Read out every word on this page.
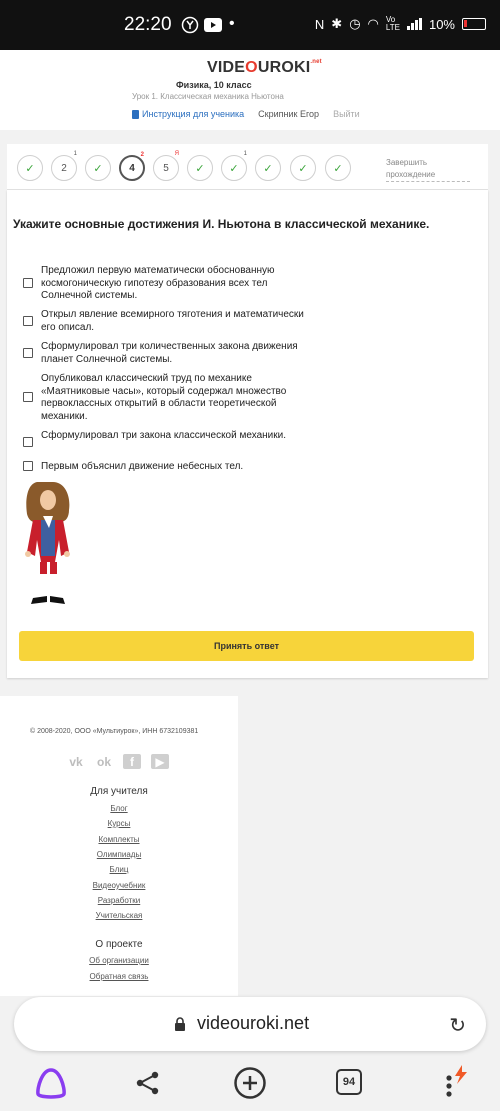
22:20	•	N ✱ ◷ ◠ Vo
LTE 10%
$VIDEOUROKI^{.net}$
Физика, 10 класс
Урок 1. Классическая механика Ньютона
Инструкция для ученика Скрипник Егор Выйти
✓	2
1
✓	4
2
5
Я
✓ ✓
1
✓ ✓ ✓	Завершить прохождение
Укажите основные достижения И. Ньютона в классической механике.
Предложил первую математически обоснованную космогоническую гипотезу образования всех тел Солнечной системы.
Открыл явление всемирного тяготения и математически его описал.
Сформулировал три количественных закона движения планет Солнечной системы.
Опубликовал классический труд по механике «Маятниковые часы», который содержал множество первоклассных открытий в области теоретической механики.
Сформулировал три закона классической механики.
Первым объяснил движение небесных тел.
Принять ответ
© 2008-2020, ООО «Мультиурок», ИНН 6732109381
vk ok	f	▶
Для учителя
Блог
Курсы
Комплекты
Олимпиады
Блиц
Видеоучебник
Разработки
Учительская
О проекте
Об организации
Обратная связь
videouroki.net	↻
94
